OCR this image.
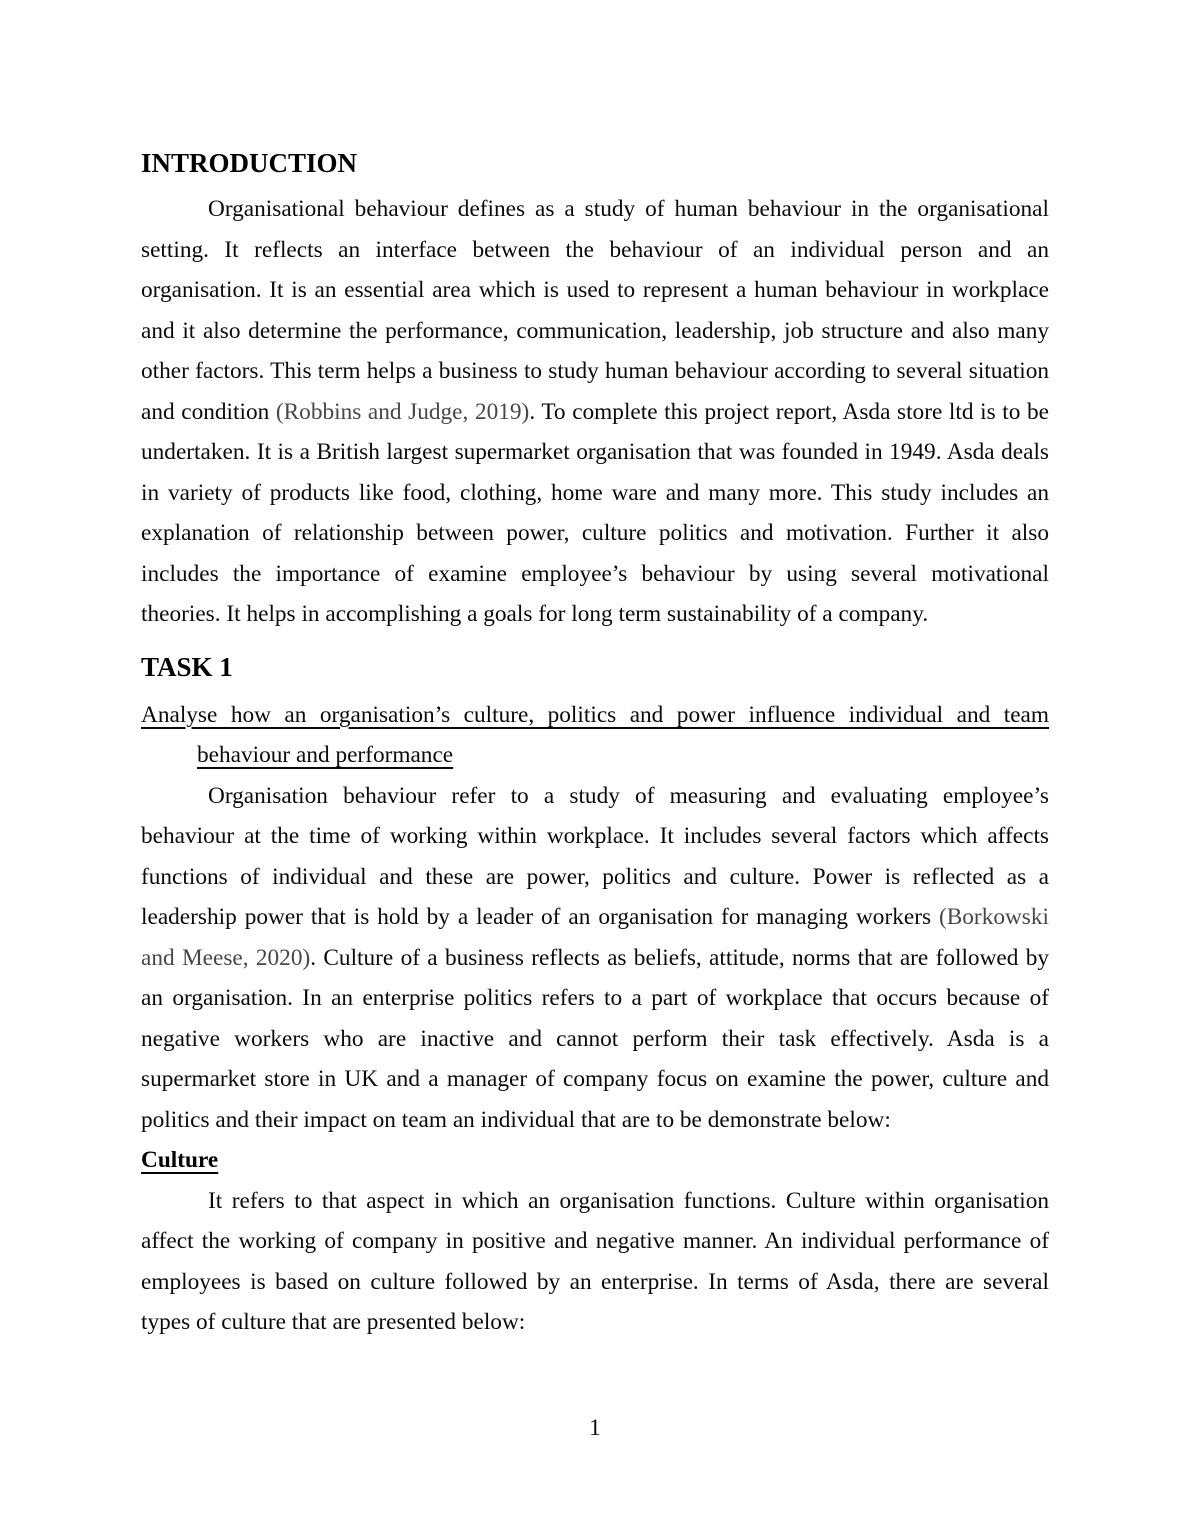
INTRODUCTION

Organisational behaviour defines as a study of human behaviour in the organisational setting. It reflects an interface between the behaviour of an individual person and an organisation. It is an essential area which is used to represent a human behaviour in workplace and it also determine the performance, communication, leadership, job structure and also many other factors. This term helps a business to study human behaviour according to several situation and condition (Robbins and Judge, 2019). To complete this project report, Asda store ltd is to be undertaken. It is a British largest supermarket organisation that was founded in 1949. Asda deals in variety of products like food, clothing, home ware and many more. This study includes an explanation of relationship between power, culture politics and motivation. Further it also includes the importance of examine employee’s behaviour by using several motivational theories. It helps in accomplishing a goals for long term sustainability of a company.

TASK 1
Analyse how an organisation’s culture, politics and power influence individual and team
behaviour and performance

Organisation behaviour refer to a study of measuring and evaluating employee’s behaviour at the time of working within workplace. It includes several factors which affects functions of individual and these are power, politics and culture. Power is reflected as a leadership power that is hold by a leader of an organisation for managing workers (Borkowski and Meese, 2020). Culture of a business reflects as beliefs, attitude, norms that are followed by an organisation. In an enterprise politics refers to a part of workplace that occurs because of negative workers who are inactive and cannot perform their task effectively. Asda is a supermarket store in UK and a manager of company focus on examine the power, culture and politics and their impact on team an individual that are to be demonstrate below:

Culture

It refers to that aspect in which an organisation functions. Culture within organisation affect the working of company in positive and negative manner. An individual performance of employees is based on culture followed by an enterprise. In terms of Asda, there are several types of culture that are presented below:

1
